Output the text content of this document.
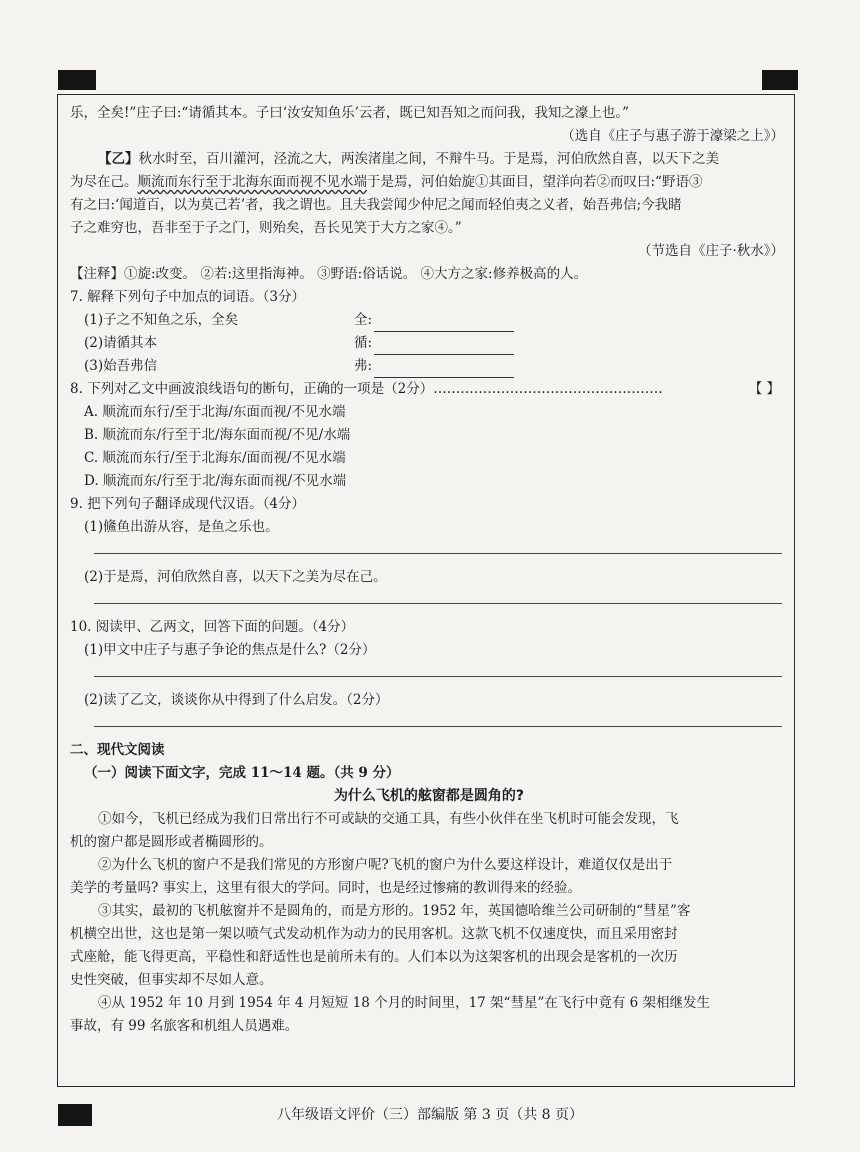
乐，全矣!”庄子曰:“请循其本。子曰‘汝安知鱼乐’云者，既已知吾知之而问我，我知之濠上也。”

（选自《庄子与惠子游于濠梁之上》）

【乙】秋水时至，百川灌河，泾流之大，两涘渚崖之间，不辩牛马。于是焉，河伯欣然自喜，以天下之美

为尽在己。顺流而东行至于北海东面而视不见水端于是焉，河伯始旋①其面目，望洋向若②而叹曰:“野语③

有之曰:‘闻道百，以为莫己若’者，我之谓也。且夫我尝闻少仲尼之闻而轻伯夷之义者，始吾弗信;今我睹

子之难穷也，吾非至于子之门，则殆矣，吾长见笑于大方之家④。”

（节选自《庄子·秋水》）

【注释】①旋:改变。 ②若:这里指海神。 ③野语:俗话说。 ④大方之家:修养极高的人。

7. 解释下列句子中加点的词语。（3分）

(1)子之不知鱼之乐，全矣	全:
(2)请循其本	循:
(3)始吾弗信	弗:

8. 下列对乙文中画波浪线语句的断句，正确的一项是（2分）……………………………………………	【 】

A. 顺流而东行/至于北海/东面而视/不见水端

B. 顺流而东/行至于北/海东面而视/不见/水端

C. 顺流而东行/至于北海东/面而视/不见水端

D. 顺流而东/行至于北/海东面而视/不见水端

9. 把下列句子翻译成现代汉语。（4分）

(1)鯈鱼出游从容，是鱼之乐也。

(2)于是焉，河伯欣然自喜，以天下之美为尽在己。

10. 阅读甲、乙两文，回答下面的问题。（4分）

(1)甲文中庄子与惠子争论的焦点是什么?（2分）

(2)读了乙文，谈谈你从中得到了什么启发。（2分）

二、现代文阅读

（一）阅读下面文字，完成 11～14 题。（共 9 分）

为什么飞机的舷窗都是圆角的?

①如今，飞机已经成为我们日常出行不可或缺的交通工具，有些小伙伴在坐飞机时可能会发现，飞

机的窗户都是圆形或者椭圆形的。

②为什么飞机的窗户不是我们常见的方形窗户呢?飞机的窗户为什么要这样设计，难道仅仅是出于

美学的考量吗? 事实上，这里有很大的学问。同时，也是经过惨痛的教训得来的经验。

③其实，最初的飞机舷窗并不是圆角的，而是方形的。1952 年，英国德哈维兰公司研制的“彗星”客

机横空出世，这也是第一架以喷气式发动机作为动力的民用客机。这款飞机不仅速度快，而且采用密封

式座舱，能飞得更高，平稳性和舒适性也是前所未有的。人们本以为这架客机的出现会是客机的一次历

史性突破，但事实却不尽如人意。

④从 1952 年 10 月到 1954 年 4 月短短 18 个月的时间里，17 架“彗星”在飞行中竟有 6 架相继发生

事故，有 99 名旅客和机组人员遇难。

八年级语文评价（三）部编版 第 3 页（共 8 页）
